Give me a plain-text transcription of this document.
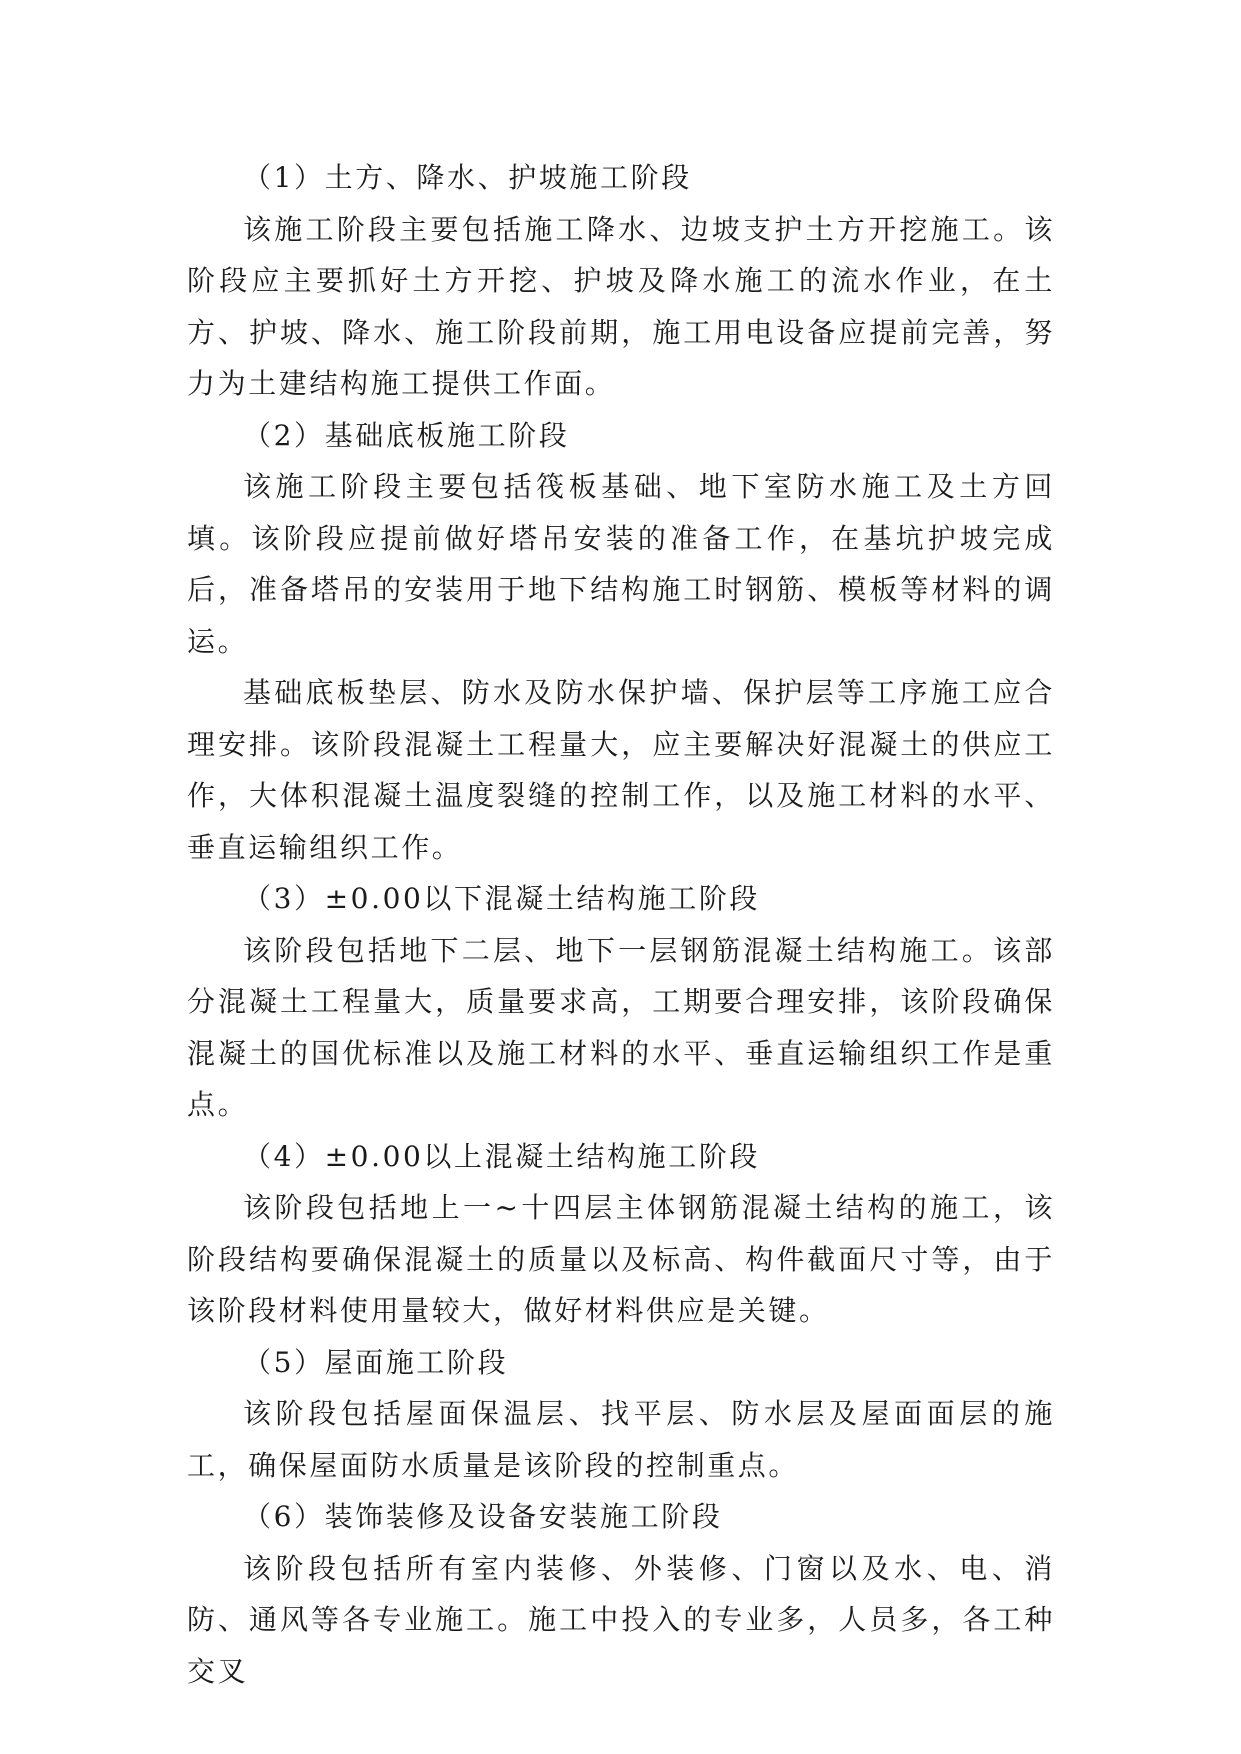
（1）土方、降水、护坡施工阶段

该施工阶段主要包括施工降水、边坡支护土方开挖施工。该阶段应主要抓好土方开挖、护坡及降水施工的流水作业，在土方、护坡、降水、施工阶段前期，施工用电设备应提前完善，努力为土建结构施工提供工作面。

（2）基础底板施工阶段

该施工阶段主要包括筏板基础、地下室防水施工及土方回填。该阶段应提前做好塔吊安装的准备工作，在基坑护坡完成后，准备塔吊的安装用于地下结构施工时钢筋、模板等材料的调运。

基础底板垫层、防水及防水保护墙、保护层等工序施工应合理安排。该阶段混凝土工程量大，应主要解决好混凝土的供应工作，大体积混凝土温度裂缝的控制工作，以及施工材料的水平、垂直运输组织工作。

（3）±0.00以下混凝土结构施工阶段

该阶段包括地下二层、地下一层钢筋混凝土结构施工。该部分混凝土工程量大，质量要求高，工期要合理安排，该阶段确保混凝土的国优标准以及施工材料的水平、垂直运输组织工作是重点。

（4）±0.00以上混凝土结构施工阶段

该阶段包括地上一~十四层主体钢筋混凝土结构的施工，该阶段结构要确保混凝土的质量以及标高、构件截面尺寸等，由于该阶段材料使用量较大，做好材料供应是关键。

（5）屋面施工阶段

该阶段包括屋面保温层、找平层、防水层及屋面面层的施工，确保屋面防水质量是该阶段的控制重点。

（6）装饰装修及设备安装施工阶段

该阶段包括所有室内装修、外装修、门窗以及水、电、消防、通风等各专业施工。施工中投入的专业多，人员多，各工种交叉
